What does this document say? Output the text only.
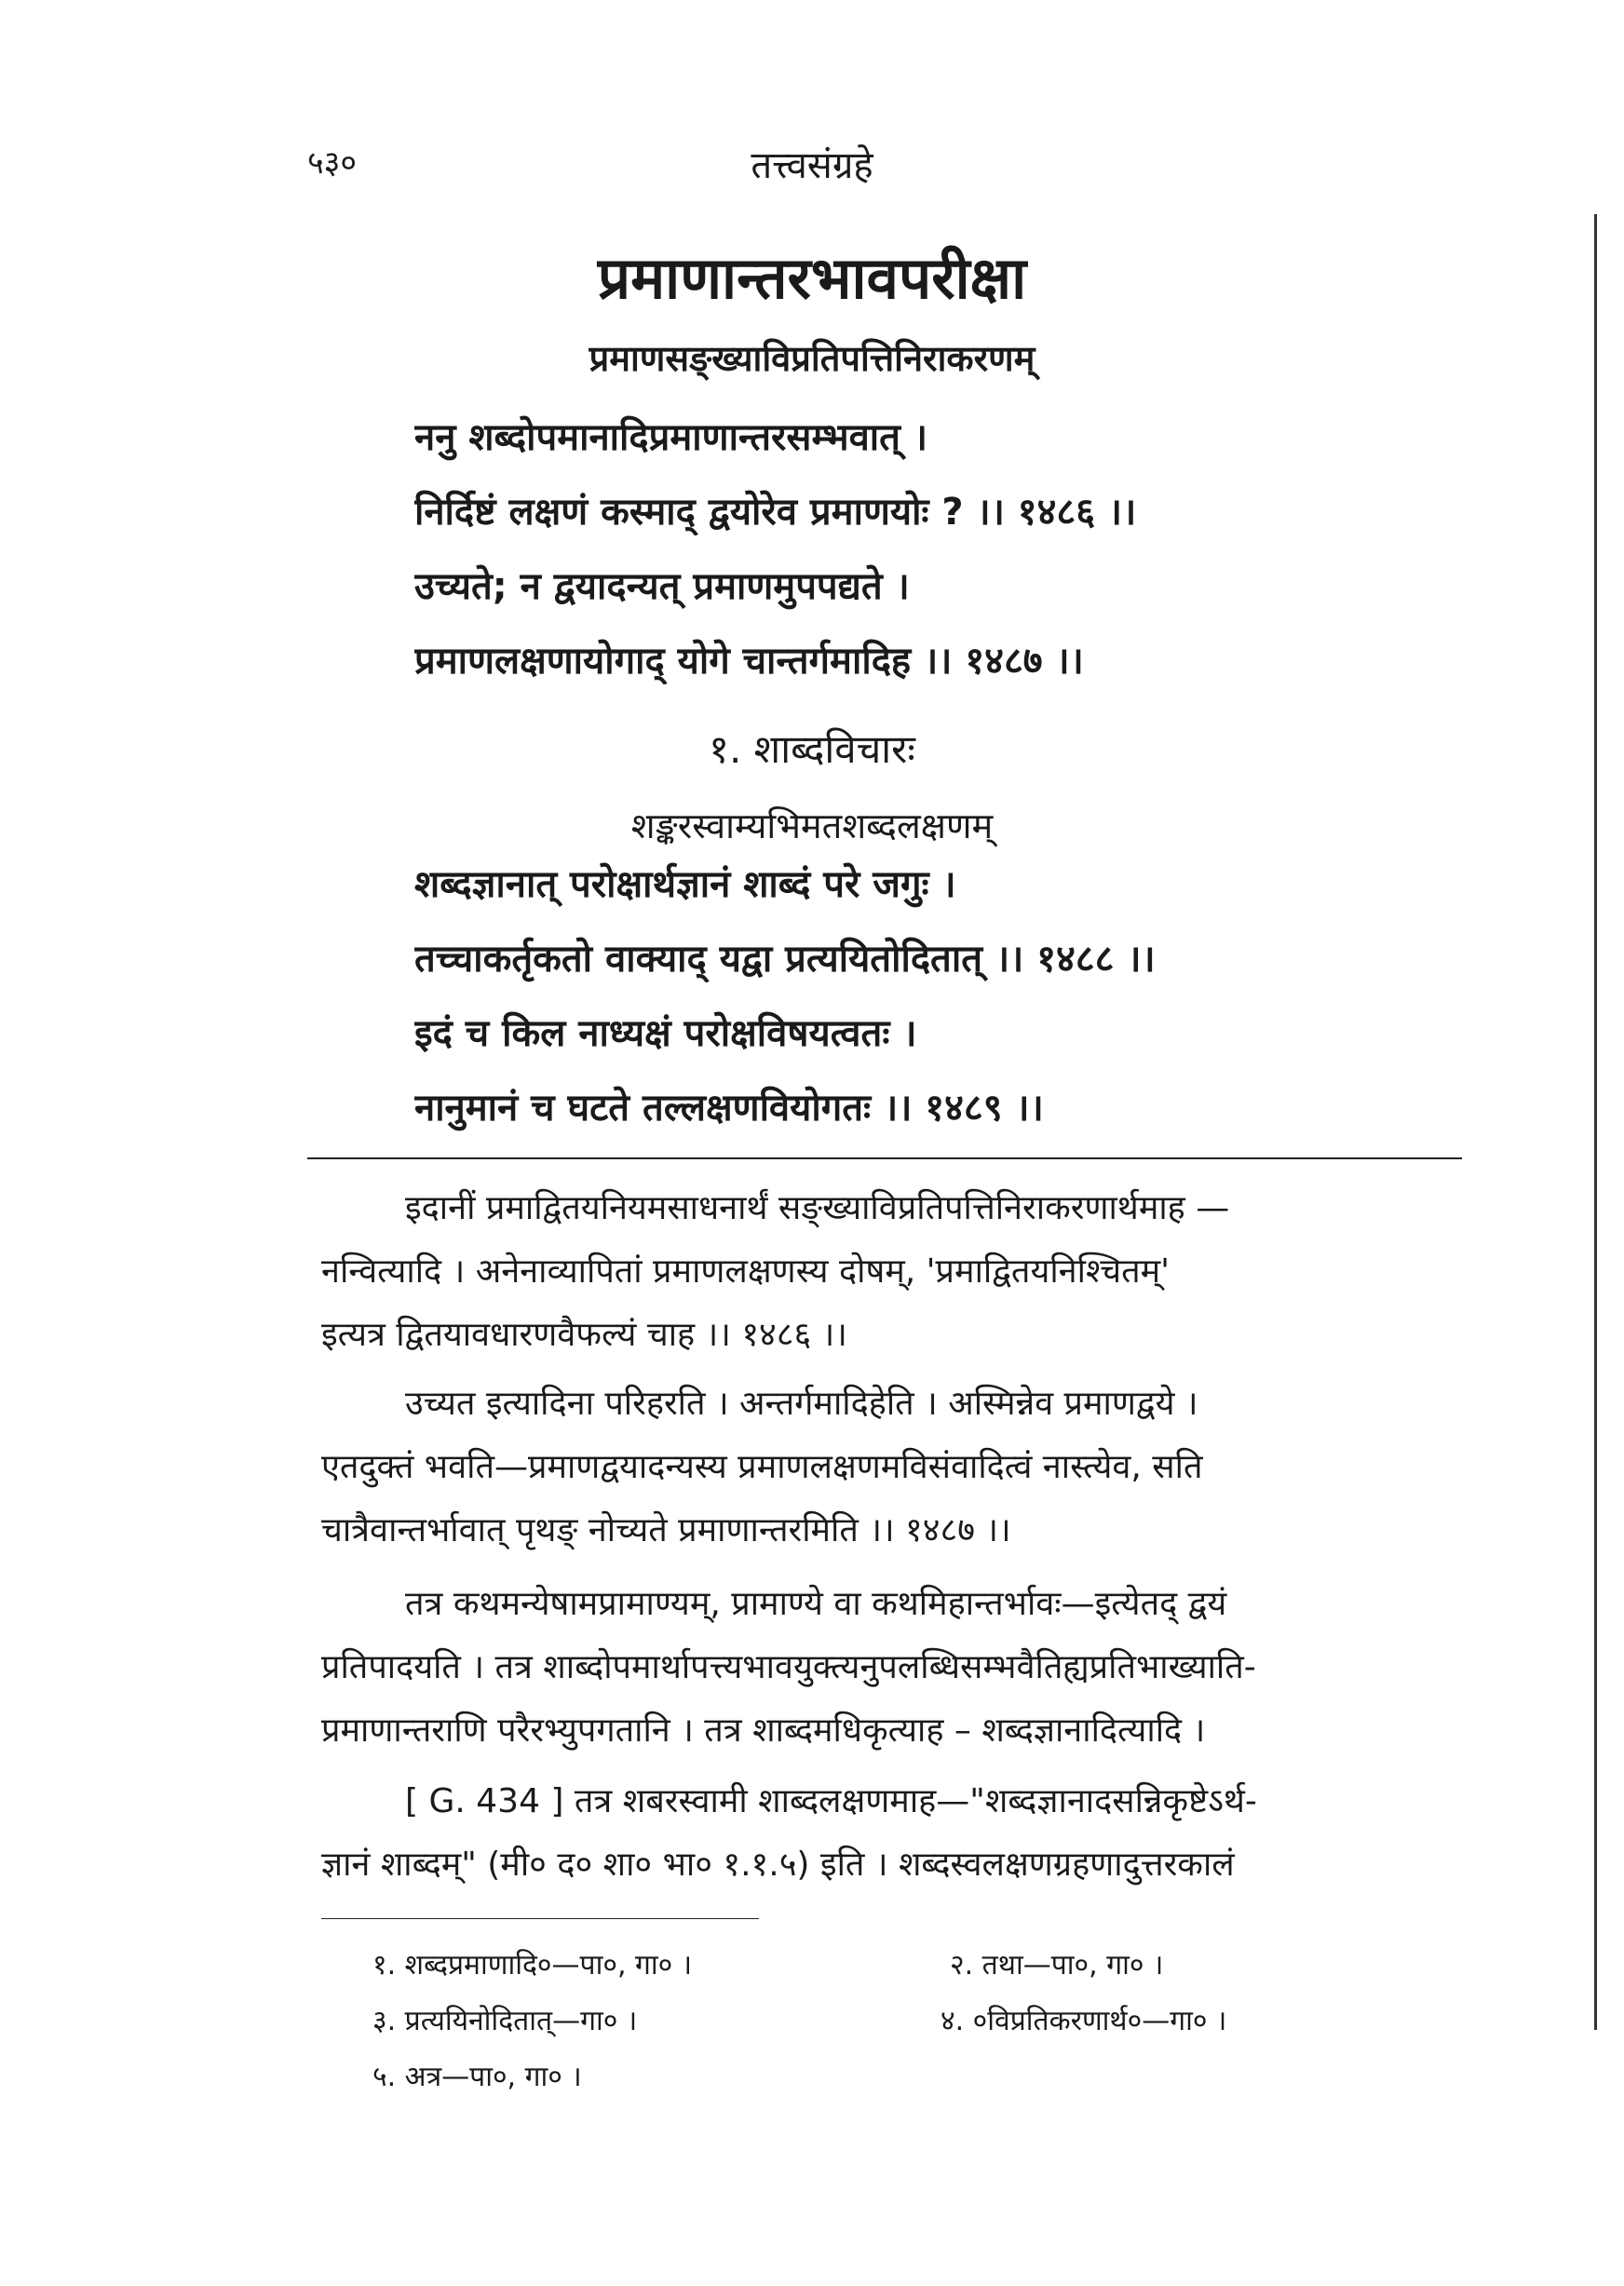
५३०	तत्त्वसंग्रहे
प्रमाणान्तरभावपरीक्षा
प्रमाणसङ्ख्याविप्रतिपत्तिनिराकरणम्
ननु शब्दोपमानादिप्रमाणान्तरसम्भवात् ।
निर्दिष्टं लक्षणं कस्माद् द्वयोरेव प्रमाणयोः ? ।। १४८६ ।।
उच्यते; न द्वयादन्यत् प्रमाणमुपपद्यते ।
प्रमाणलक्षणायोगाद् योगे चान्तर्गमादिह ।। १४८७ ।।
१. शाब्दविचारः
शङ्करस्वाम्यभिमतशब्दलक्षणम्
शब्दज्ञानात् परोक्षार्थज्ञानं शाब्दं परे जगुः ।
तच्चाकर्तृकतो वाक्याद् यद्वा प्रत्ययितोदितात् ।। १४८८ ।।
इदं च किल नाध्यक्षं परोक्षविषयत्वतः ।
नानुमानं च घटते तल्लक्षणवियोगतः ।। १४८९ ।।
इदानीं प्रमाद्वितयनियमसाधनार्थं सङ्ख्याविप्रतिपत्तिनिराकरणार्थमाह —
नन्वित्यादि । अनेनाव्यापितां प्रमाणलक्षणस्य दोषम्, 'प्रमाद्वितयनिश्चितम्'
इत्यत्र द्वितयावधारणवैफल्यं चाह ।। १४८६ ।।
उच्यत इत्यादिना परिहरति । अन्तर्गमादिहेति । अस्मिन्नेव प्रमाणद्वये ।
एतदुक्तं भवति—प्रमाणद्वयादन्यस्य प्रमाणलक्षणमविसंवादित्वं नास्त्येव, सति
चात्रैवान्तर्भावात् पृथङ् नोच्यते प्रमाणान्तरमिति ।। १४८७ ।।
तत्र कथमन्येषामप्रामाण्यम्, प्रामाण्ये वा कथमिहान्तर्भावः—इत्येतद् द्वयं
प्रतिपादयति । तत्र शाब्दोपमार्थापत्त्यभावयुक्त्यनुपलब्धिसम्भवैतिह्यप्रतिभाख्याति-
प्रमाणान्तराणि परैरभ्युपगतानि । तत्र शाब्दमधिकृत्याह – शब्दज्ञानादित्यादि ।
[ G. 434 ] तत्र शबरस्वामी शाब्दलक्षणमाह—"शब्दज्ञानादसन्निकृष्टेऽर्थ-
ज्ञानं शाब्दम्" (मी० द० शा० भा० १.१.५) इति । शब्दस्वलक्षणग्रहणादुत्तरकालं
१. शब्दप्रमाणादि०—पा०, गा० ।	२. तथा—पा०, गा० ।
३. प्रत्ययिनोदितात्—गा० ।	४. ०विप्रतिकरणार्थ०—गा० ।
५. अत्र—पा०, गा० ।
